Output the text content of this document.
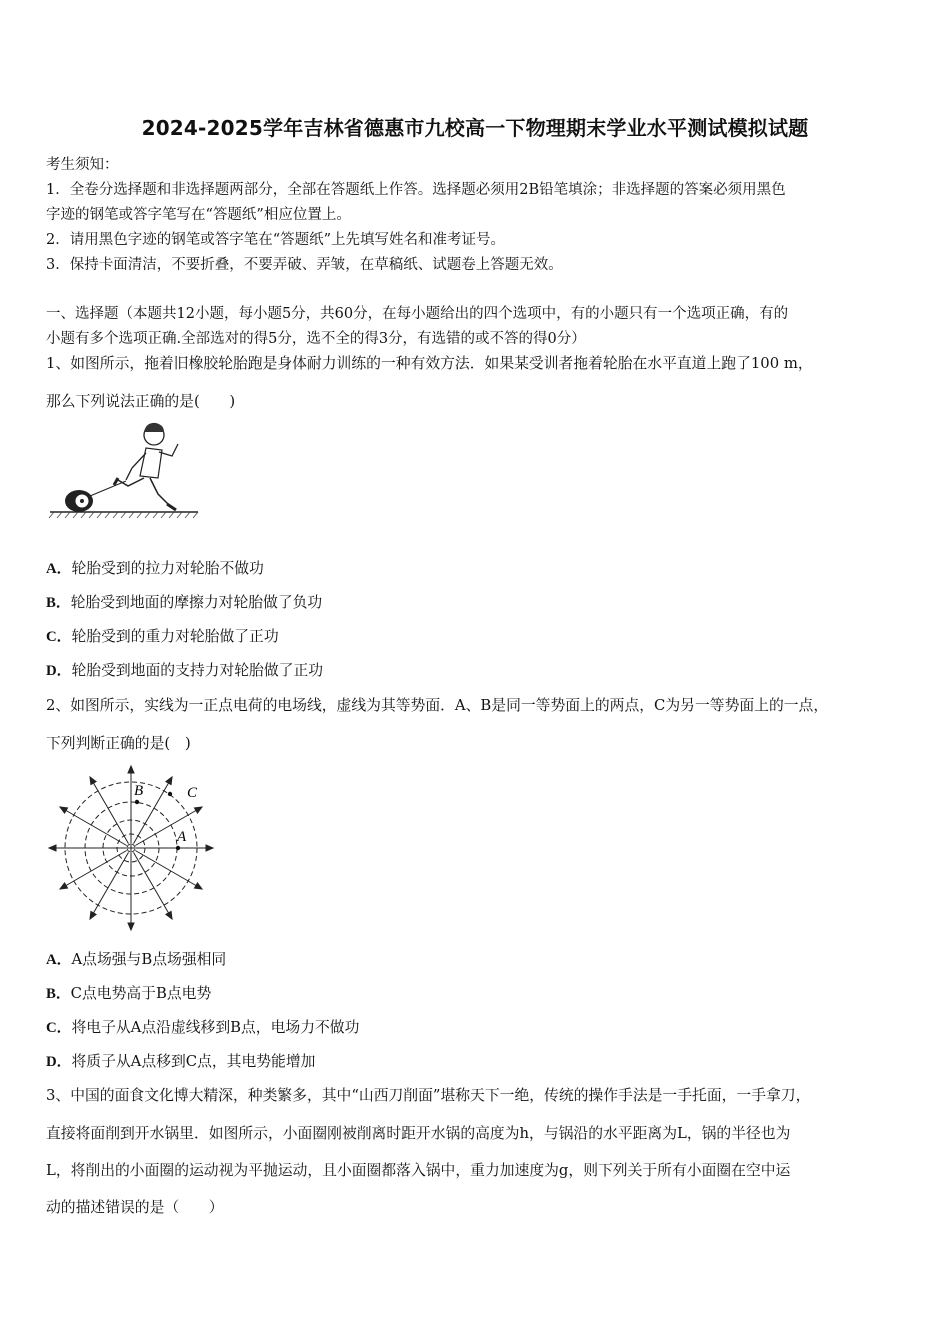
2024-2025学年吉林省德惠市九校高一下物理期末学业水平测试模拟试题
考生须知：
1．全卷分选择题和非选择题两部分，全部在答题纸上作答。选择题必须用2B铅笔填涂；非选择题的答案必须用黑色
字迹的钢笔或答字笔写在“答题纸”相应位置上。
2．请用黑色字迹的钢笔或答字笔在“答题纸”上先填写姓名和准考证号。
3．保持卡面清洁，不要折叠，不要弄破、弄皱，在草稿纸、试题卷上答题无效。
一、选择题（本题共12小题，每小题5分，共60分，在每小题给出的四个选项中，有的小题只有一个选项正确，有的
小题有多个选项正确.全部选对的得5分，选不全的得3分，有选错的或不答的得0分）
1、如图所示，拖着旧橡胶轮胎跑是身体耐力训练的一种有效方法．如果某受训者拖着轮胎在水平直道上跑了100 m，
那么下列说法正确的是(　　)
A．轮胎受到的拉力对轮胎不做功
B．轮胎受到地面的摩擦力对轮胎做了负功
C．轮胎受到的重力对轮胎做了正功
D．轮胎受到地面的支持力对轮胎做了正功
2、如图所示，实线为一正点电荷的电场线，虚线为其等势面．A、B是同一等势面上的两点，C为另一等势面上的一点，
下列判断正确的是(　)
B	C
A
A．A点场强与B点场强相同
B．C点电势高于B点电势
C．将电子从A点沿虚线移到B点，电场力不做功
D．将质子从A点移到C点，其电势能增加
3、中国的面食文化博大精深，种类繁多，其中“山西刀削面”堪称天下一绝，传统的操作手法是一手托面，一手拿刀，
直接将面削到开水锅里．如图所示，小面圈刚被削离时距开水锅的高度为h，与锅沿的水平距离为L，锅的半径也为
L，将削出的小面圈的运动视为平抛运动，且小面圈都落入锅中，重力加速度为g，则下列关于所有小面圈在空中运
动的描述错误的是（　　）
